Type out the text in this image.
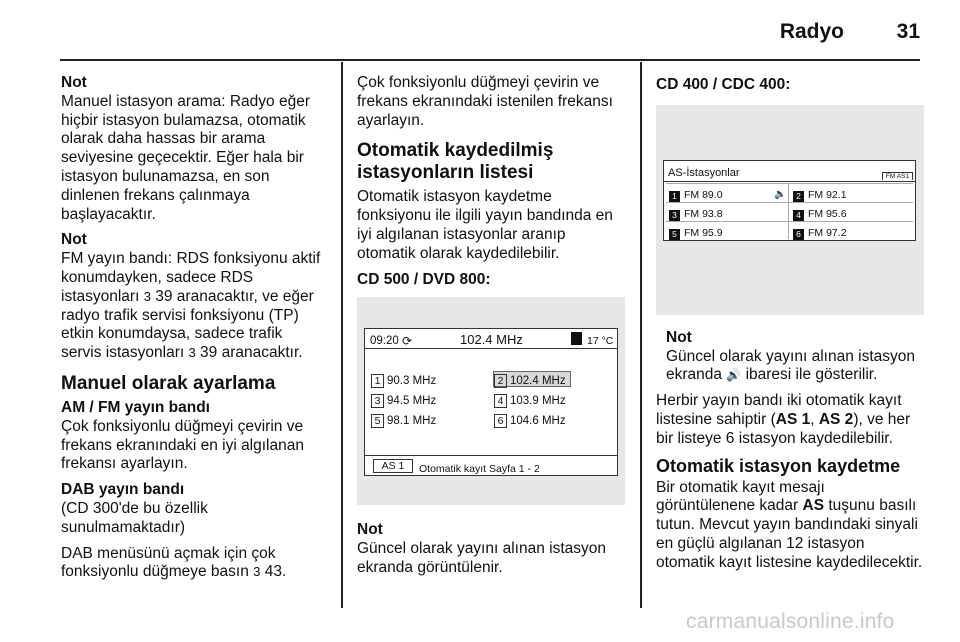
Radyo	31
Not
Manuel istasyon arama: Radyo eğer hiçbir istasyon bulamazsa, otomatik olarak daha hassas bir arama seviyesine geçecektir. Eğer hala bir istasyon bulunamazsa, en son dinlenen frekans çalınmaya başlayacaktır.
Not
FM yayın bandı: RDS fonksiyonu aktif konumdayken, sadece RDS istasyonları 3 39 aranacaktır, ve eğer radyo trafik servisi fonksiyonu (TP) etkin konumdaysa, sadece trafik servis istasyonları 3 39 aranacaktır.
Manuel olarak ayarlama
AM / FM yayın bandı
Çok fonksiyonlu düğmeyi çevirin ve frekans ekranındaki en iyi algılanan frekansı ayarlayın.
DAB yayın bandı
(CD 300'de bu özellik sunulmamaktadır)
DAB menüsünü açmak için çok fonksiyonlu düğmeye basın 3 43.
Çok fonksiyonlu düğmeyi çevirin ve frekans ekranındaki istenilen frekansı ayarlayın.
Otomatik kaydedilmiş istasyonların listesi
Otomatik istasyon kaydetme
fonksiyonu ile ilgili yayın bandında en iyi algılanan istasyonlar aranıp otomatik olarak kaydedilebilir.
CD 500 / DVD 800:
09:20 ⟳	102.4 MHz	17 °C
1 90.3 MHz	2 102.4 MHz
3 94.5 MHz	4 103.9 MHz
5 98.1 MHz	6 104.6 MHz
AS 1	Otomatik kayıt Sayfa 1 - 2
Not
Güncel olarak yayını alınan istasyon ekranda görüntülenir.
CD 400 / CDC 400:
AS-İstasyonlar	FM AS1
1 FM 89.0	🔈	2 FM 92.1
3 FM 93.8	4 FM 95.6
5 FM 95.9	6 FM 97.2
Not
Güncel olarak yayını alınan istasyon ekranda 🔊 ibaresi ile gösterilir.
Herbir yayın bandı iki otomatik kayıt listesine sahiptir (AS 1, AS 2), ve her bir listeye 6 istasyon kaydedilebilir.
Otomatik istasyon kaydetme
Bir otomatik kayıt mesajı görüntülenene kadar AS tuşunu basılı tutun. Mevcut yayın bandındaki sinyali en güçlü algılanan 12 istasyon otomatik kayıt listesine kaydedilecektir.
carmanualsonline.info
